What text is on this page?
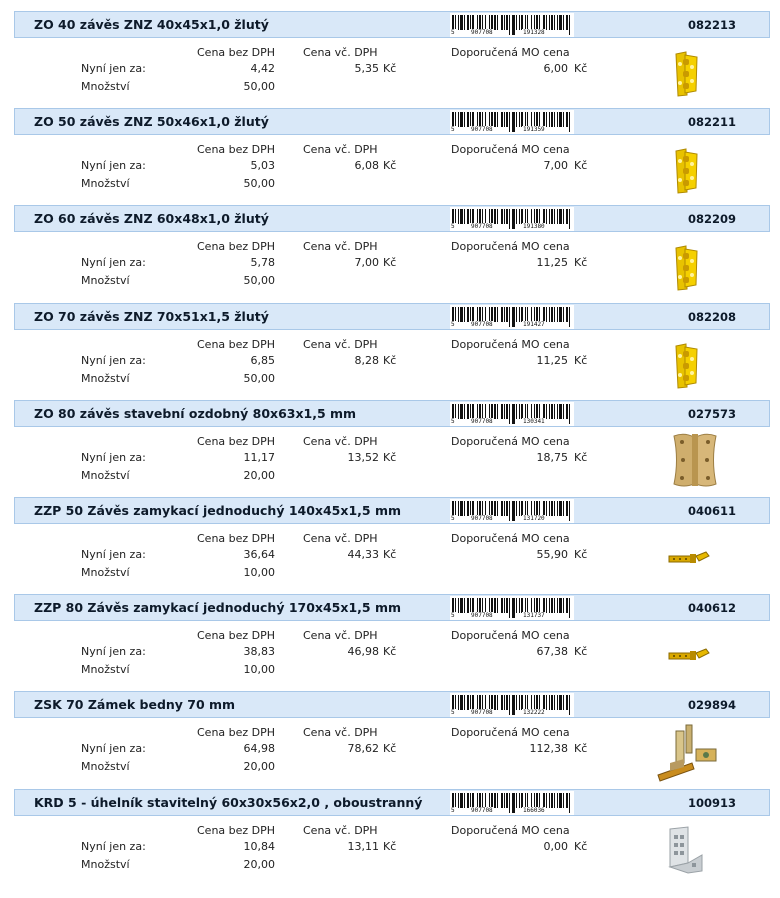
ZO 40 závěs ZNZ 40x45x1,0 žlutý
5	907708	191328
082213
Cena bez DPH	Cena vč. DPH	Doporučená MO cena
Nyní jen za:	4,42	5,35 Kč	6,00 Kč
Množství	50,00
ZO 50 závěs ZNZ 50x46x1,0 žlutý
5	907708	191359
082211
Cena bez DPH	Cena vč. DPH	Doporučená MO cena
Nyní jen za:	5,03	6,08 Kč	7,00 Kč
Množství	50,00
ZO 60 závěs ZNZ 60x48x1,0 žlutý
5	907708	191380
082209
Cena bez DPH	Cena vč. DPH	Doporučená MO cena
Nyní jen za:	5,78	7,00 Kč	11,25 Kč
Množství	50,00
ZO 70 závěs ZNZ 70x51x1,5 žlutý
5	907708	191427
082208
Cena bez DPH	Cena vč. DPH	Doporučená MO cena
Nyní jen za:	6,85	8,28 Kč	11,25 Kč
Množství	50,00
ZO 80 závěs stavební ozdobný 80x63x1,5 mm
5	907708	130341
027573
Cena bez DPH	Cena vč. DPH	Doporučená MO cena
Nyní jen za:	11,17	13,52 Kč	18,75 Kč
Množství	20,00
ZZP 50 Závěs zamykací jednoduchý 140x45x1,5 mm
5	907708	131720
040611
Cena bez DPH	Cena vč. DPH	Doporučená MO cena
Nyní jen za:	36,64	44,33 Kč	55,90 Kč
Množství	10,00
ZZP 80 Závěs zamykací jednoduchý 170x45x1,5 mm
5	907708	131737
040612
Cena bez DPH	Cena vč. DPH	Doporučená MO cena
Nyní jen za:	38,83	46,98 Kč	67,38 Kč
Množství	10,00
ZSK 70 Zámek bedny 70 mm
5	907708	132222
029894
Cena bez DPH	Cena vč. DPH	Doporučená MO cena
Nyní jen za:	64,98	78,62 Kč	112,38 Kč
Množství	20,00
KRD 5 - úhelník stavitelný 60x30x56x2,0 , oboustranný
5	907708	166036
100913
Cena bez DPH	Cena vč. DPH	Doporučená MO cena
Nyní jen za:	10,84	13,11 Kč	0,00 Kč
Množství	20,00
